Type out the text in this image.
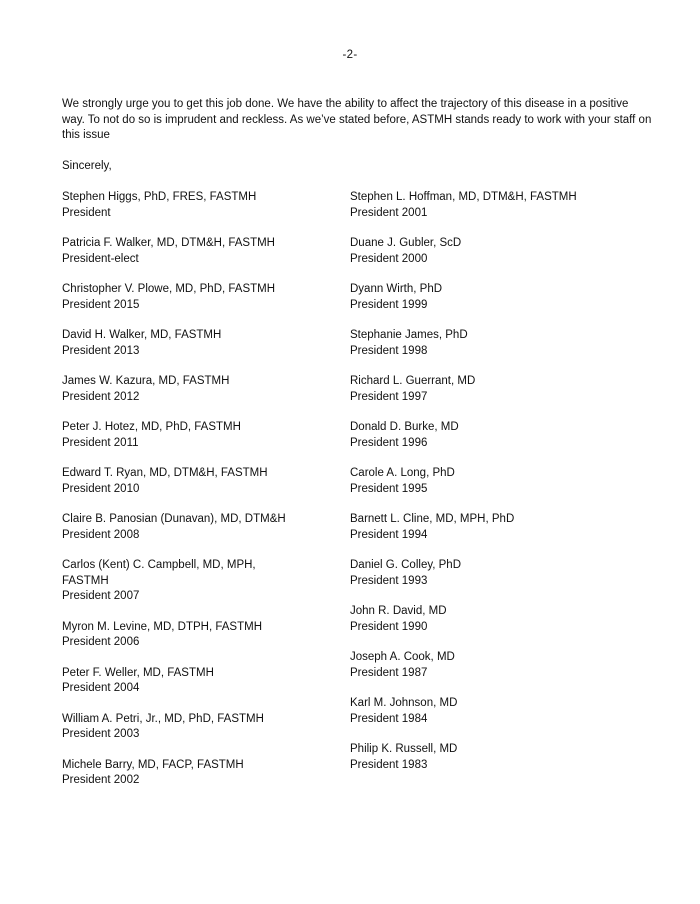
-2-

We strongly urge you to get this job done. We have the ability to affect the trajectory of this disease in a positive way. To not do so is imprudent and reckless. As we’ve stated before, ASTMH stands ready to work with your staff on this issue

Sincerely,
Stephen Higgs, PhD, FRES, FASTMH
President
Patricia F. Walker, MD, DTM&H, FASTMH
President-elect
Christopher V. Plowe, MD, PhD, FASTMH
President 2015
David H. Walker, MD, FASTMH
President 2013
James W. Kazura, MD, FASTMH
President 2012
Peter J. Hotez, MD, PhD, FASTMH
President 2011
Edward T. Ryan, MD, DTM&H, FASTMH
President 2010
Claire B. Panosian (Dunavan), MD, DTM&H
President 2008
Carlos (Kent) C. Campbell, MD, MPH, FASTMH
President 2007
Myron M. Levine, MD, DTPH, FASTMH
President 2006
Peter F. Weller, MD, FASTMH
President 2004
William A. Petri, Jr., MD, PhD, FASTMH
President 2003
Michele Barry, MD, FACP, FASTMH
President 2002
Stephen L. Hoffman, MD, DTM&H, FASTMH
President 2001
Duane J. Gubler, ScD
President 2000
Dyann Wirth, PhD
President 1999
Stephanie James, PhD
President 1998
Richard L. Guerrant, MD
President 1997
Donald D. Burke, MD
President 1996
Carole A. Long, PhD
President 1995
Barnett L. Cline, MD, MPH, PhD
President 1994
Daniel G. Colley, PhD
President 1993
John R. David, MD
President 1990
Joseph A. Cook, MD
President 1987
Karl M. Johnson, MD
President 1984
Philip K. Russell, MD
President 1983
